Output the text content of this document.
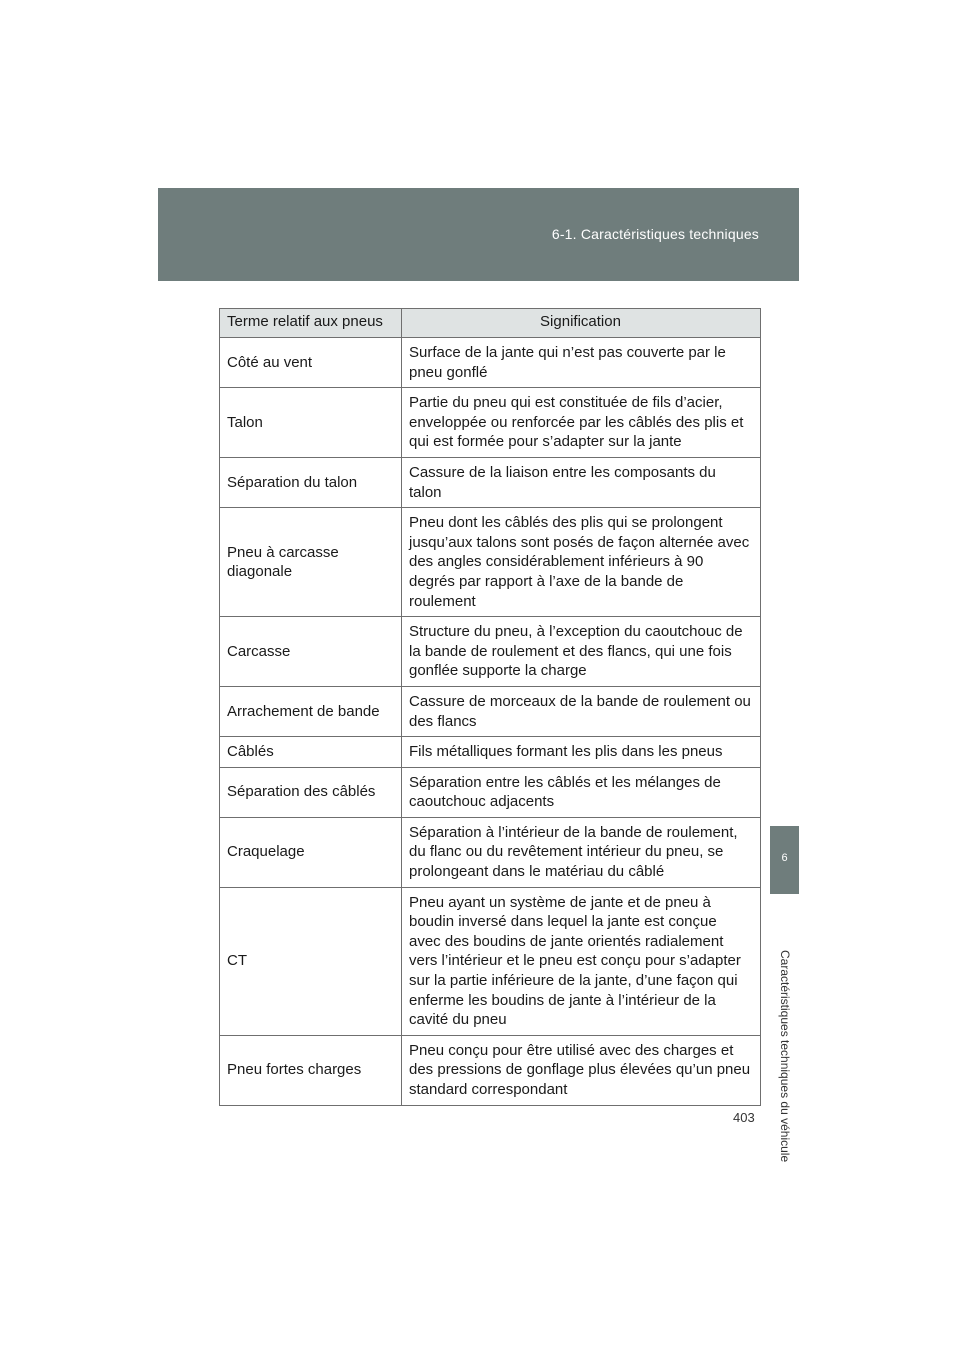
6-1. Caractéristiques techniques
6
Caractéristiques techniques du véhicule
Terme relatif aux pneus	Signification
Côté au vent	Surface de la jante qui n’est pas couverte par le pneu gonflé
Talon	Partie du pneu qui est constituée de fils d’acier, enveloppée ou renforcée par les câblés des plis et qui est formée pour s’adapter sur la jante
Séparation du talon	Cassure de la liaison entre les composants du talon
Pneu à carcasse diagonale	Pneu dont les câblés des plis qui se prolongent jusqu’aux talons sont posés de façon alternée avec des angles considérablement inférieurs à 90 degrés par rapport à l’axe de la bande de roulement
Carcasse	Structure du pneu, à l’exception du caoutchouc de la bande de roulement et des flancs, qui une fois gonflée supporte la charge
Arrachement de bande	Cassure de morceaux de la bande de roulement ou des flancs
Câblés	Fils métalliques formant les plis dans les pneus
Séparation des câblés	Séparation entre les câblés et les mélanges de caoutchouc adjacents
Craquelage	Séparation à l’intérieur de la bande de roulement, du flanc ou du revêtement intérieur du pneu, se prolongeant dans le matériau du câblé
CT	Pneu ayant un système de jante et de pneu à boudin inversé dans lequel la jante est conçue avec des boudins de jante orientés radialement vers l’intérieur et le pneu est conçu pour s’adapter sur la partie inférieure de la jante, d’une façon qui enferme les boudins de jante à l’intérieur de la cavité du pneu
Pneu fortes charges	Pneu conçu pour être utilisé avec des charges et des pressions de gonflage plus élevées qu’un pneu standard correspondant
403
